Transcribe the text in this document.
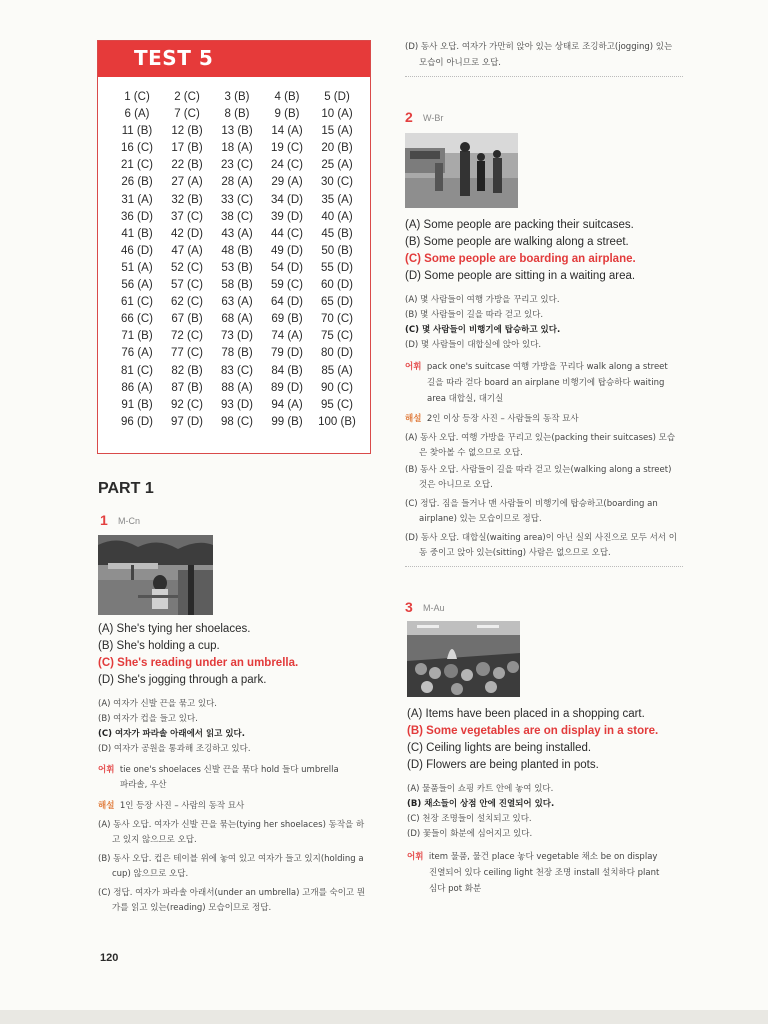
TEST 5
1 (C)	2 (C)	3 (B)	4 (B)	5 (D)
6 (A)	7 (C)	8 (B)	9 (B)	10 (A)
11 (B)	12 (B)	13 (B)	14 (A)	15 (A)
16 (C)	17 (B)	18 (A)	19 (C)	20 (B)
21 (C)	22 (B)	23 (C)	24 (C)	25 (A)
26 (B)	27 (A)	28 (A)	29 (A)	30 (C)
31 (A)	32 (B)	33 (C)	34 (D)	35 (A)
36 (D)	37 (C)	38 (C)	39 (D)	40 (A)
41 (B)	42 (D)	43 (A)	44 (C)	45 (B)
46 (D)	47 (A)	48 (B)	49 (D)	50 (B)
51 (A)	52 (C)	53 (B)	54 (D)	55 (D)
56 (A)	57 (C)	58 (B)	59 (C)	60 (D)
61 (C)	62 (C)	63 (A)	64 (D)	65 (D)
66 (C)	67 (B)	68 (A)	69 (B)	70 (C)
71 (B)	72 (C)	73 (D)	74 (A)	75 (C)
76 (A)	77 (C)	78 (B)	79 (D)	80 (D)
81 (C)	82 (B)	83 (C)	84 (B)	85 (A)
86 (A)	87 (B)	88 (A)	89 (D)	90 (C)
91 (B)	92 (C)	93 (D)	94 (A)	95 (C)
96 (D)	97 (D)	98 (C)	99 (B)	100 (B)
PART 1
1 M-Cn
(A) She's tying her shoelaces.
(B) She's holding a cup.
(C) She's reading under an umbrella.
(D) She's jogging through a park.
(A) 여자가 신발 끈을 묶고 있다.
(B) 여자가 컵을 들고 있다.
(C) 여자가 파라솔 아래에서 읽고 있다.
(D) 여자가 공원을 통과해 조깅하고 있다.
어휘 tie one's shoelaces 신발 끈을 묶다 hold 들다 umbrella
파라솔, 우산
해설 1인 등장 사진 – 사람의 동작 묘사
(A) 동사 오답. 여자가 신발 끈을 묶는(tying her shoelaces) 동작을 하
고 있지 않으므로 오답.
(B) 동사 오답. 컵은 테이블 위에 놓여 있고 여자가 들고 있지(holding a
cup) 않으므로 오답.
(C) 정답. 여자가 파라솔 아래서(under an umbrella) 고개를 숙이고 뭔
가를 읽고 있는(reading) 모습이므로 정답.
120
(D) 동사 오답. 여자가 가만히 앉아 있는 상태로 조깅하고(jogging) 있는
모습이 아니므로 오답.
2 W-Br
(A) Some people are packing their suitcases.
(B) Some people are walking along a street.
(C) Some people are boarding an airplane.
(D) Some people are sitting in a waiting area.
(A) 몇 사람들이 여행 가방을 꾸리고 있다.
(B) 몇 사람들이 길을 따라 걷고 있다.
(C) 몇 사람들이 비행기에 탑승하고 있다.
(D) 몇 사람들이 대합실에 앉아 있다.
어휘 pack one's suitcase 여행 가방을 꾸리다 walk along a street
길을 따라 걷다 board an airplane 비행기에 탑승하다 waiting
area 대합실, 대기실
해설 2인 이상 등장 사진 – 사람들의 동작 묘사
(A) 동사 오답. 여행 가방을 꾸리고 있는(packing their suitcases) 모습
은 찾아볼 수 없으므로 오답.
(B) 동사 오답. 사람들이 길을 따라 걷고 있는(walking along a street)
것은 아니므로 오답.
(C) 정답. 짐을 들거나 맨 사람들이 비행기에 탑승하고(boarding an
airplane) 있는 모습이므로 정답.
(D) 동사 오답. 대합실(waiting area)이 아닌 실외 사진으로 모두 서서 이
동 중이고 앉아 있는(sitting) 사람은 없으므로 오답.
3 M-Au
(A) Items have been placed in a shopping cart.
(B) Some vegetables are on display in a store.
(C) Ceiling lights are being installed.
(D) Flowers are being planted in pots.
(A) 물품들이 쇼핑 카트 안에 놓여 있다.
(B) 채소들이 상점 안에 진열되어 있다.
(C) 천장 조명들이 설치되고 있다.
(D) 꽃들이 화분에 심어지고 있다.
어휘 item 물품, 물건 place 놓다 vegetable 채소 be on display
진열되어 있다 ceiling light 천장 조명 install 설치하다 plant
심다 pot 화분
